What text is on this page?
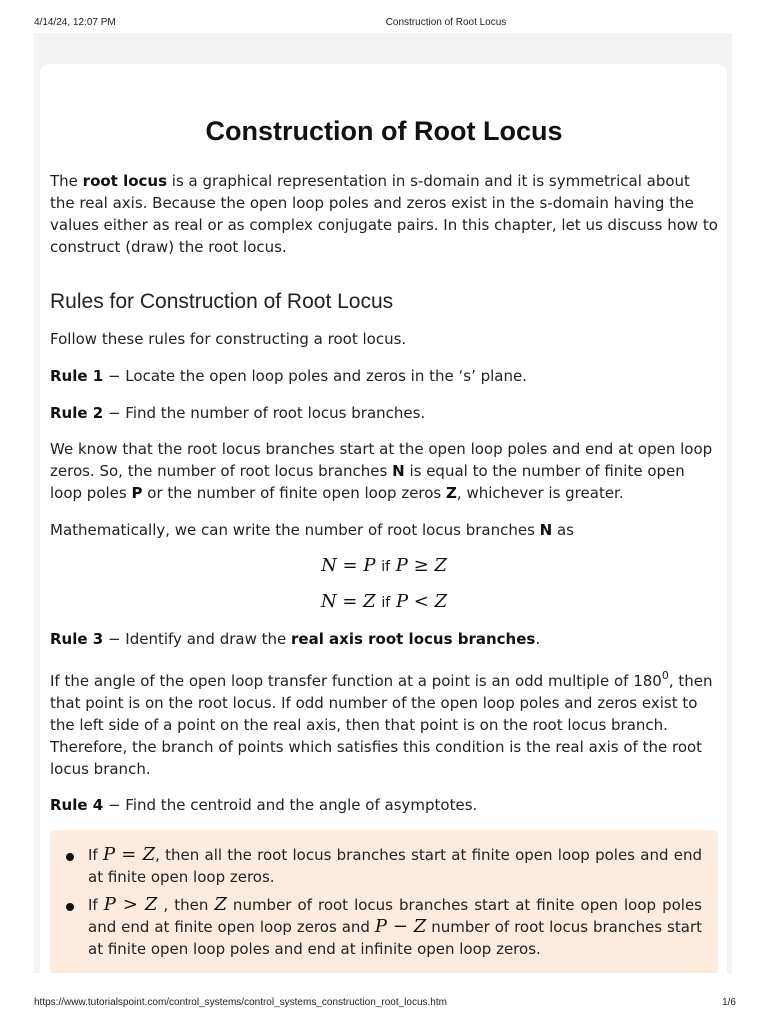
4/14/24, 12:07 PM	Construction of Root Locus
Construction of Root Locus

The root locus is a graphical representation in s-domain and it is symmetrical about the real axis. Because the open loop poles and zeros exist in the s-domain having the values either as real or as complex conjugate pairs. In this chapter, let us discuss how to construct (draw) the root locus.

Rules for Construction of Root Locus

Follow these rules for constructing a root locus.

Rule 1 − Locate the open loop poles and zeros in the ‘s’ plane.

Rule 2 − Find the number of root locus branches.

We know that the root locus branches start at the open loop poles and end at open loop zeros. So, the number of root locus branches N is equal to the number of finite open loop poles P or the number of finite open loop zeros Z, whichever is greater.

Mathematically, we can write the number of root locus branches N as

N = P if P ≥ Z
N = Z if P < Z

Rule 3 − Identify and draw the real axis root locus branches.

If the angle of the open loop transfer function at a point is an odd multiple of $180^0$, then that point is on the root locus. If odd number of the open loop poles and zeros exist to the left side of a point on the real axis, then that point is on the root locus branch. Therefore, the branch of points which satisfies this condition is the real axis of the root locus branch.

Rule 4 − Find the centroid and the angle of asymptotes.

If P = Z, then all the root locus branches start at finite open loop poles and end at finite open loop zeros.
If P > Z , then Z number of root locus branches start at finite open loop poles and end at finite open loop zeros and P − Z number of root locus branches start at finite open loop poles and end at infinite open loop zeros.
https://www.tutorialspoint.com/control_systems/control_systems_construction_root_locus.htm	1/6
